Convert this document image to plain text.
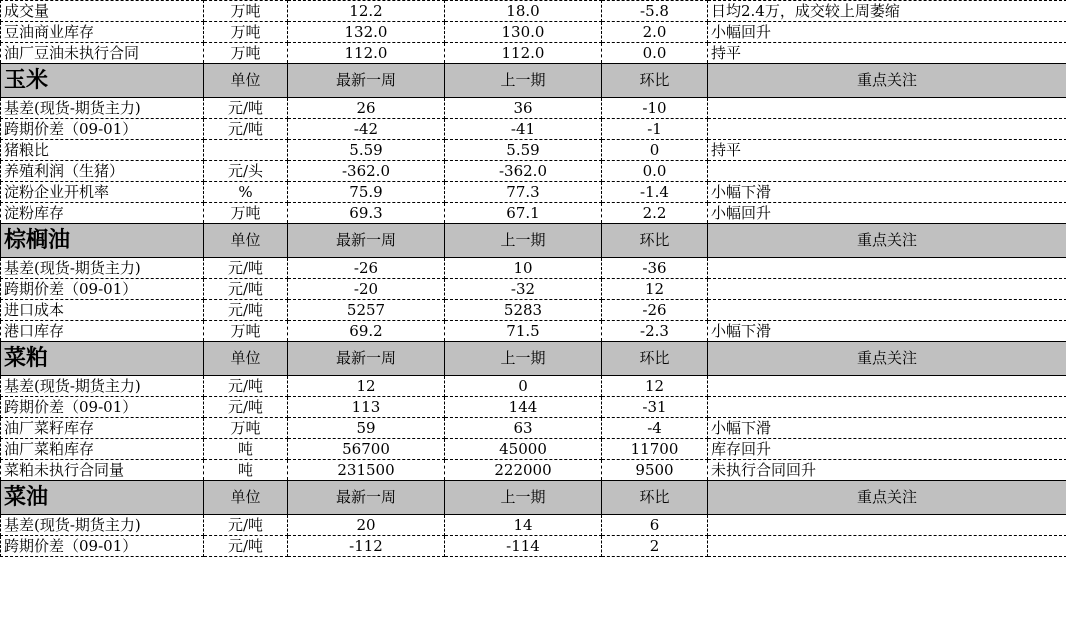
成交量	万吨	12.2	18.0	-5.8	日均2.4万，成交较上周萎缩
豆油商业库存	万吨	132.0	130.0	2.0	小幅回升
油厂豆油未执行合同	万吨	112.0	112.0	0.0	持平
玉米	单位	最新一周	上一期	环比	重点关注
基差(现货-期货主力)	元/吨	26	36	-10	
跨期价差（09-01）	元/吨	-42	-41	-1	
猪粮比		5.59	5.59	0	持平
养殖利润（生猪）	元/头	-362.0	-362.0	0.0	
淀粉企业开机率	%	75.9	77.3	-1.4	小幅下滑
淀粉库存	万吨	69.3	67.1	2.2	小幅回升
棕榈油	单位	最新一周	上一期	环比	重点关注
基差(现货-期货主力)	元/吨	-26	10	-36	
跨期价差（09-01）	元/吨	-20	-32	12	
进口成本	元/吨	5257	5283	-26	
港口库存	万吨	69.2	71.5	-2.3	小幅下滑
菜粕	单位	最新一周	上一期	环比	重点关注
基差(现货-期货主力)	元/吨	12	0	12	
跨期价差（09-01）	元/吨	113	144	-31	
油厂菜籽库存	万吨	59	63	-4	小幅下滑
油厂菜粕库存	吨	56700	45000	11700	库存回升
菜粕未执行合同量	吨	231500	222000	9500	未执行合同回升
菜油	单位	最新一周	上一期	环比	重点关注
基差(现货-期货主力)	元/吨	20	14	6	
跨期价差（09-01）	元/吨	-112	-114	2	
